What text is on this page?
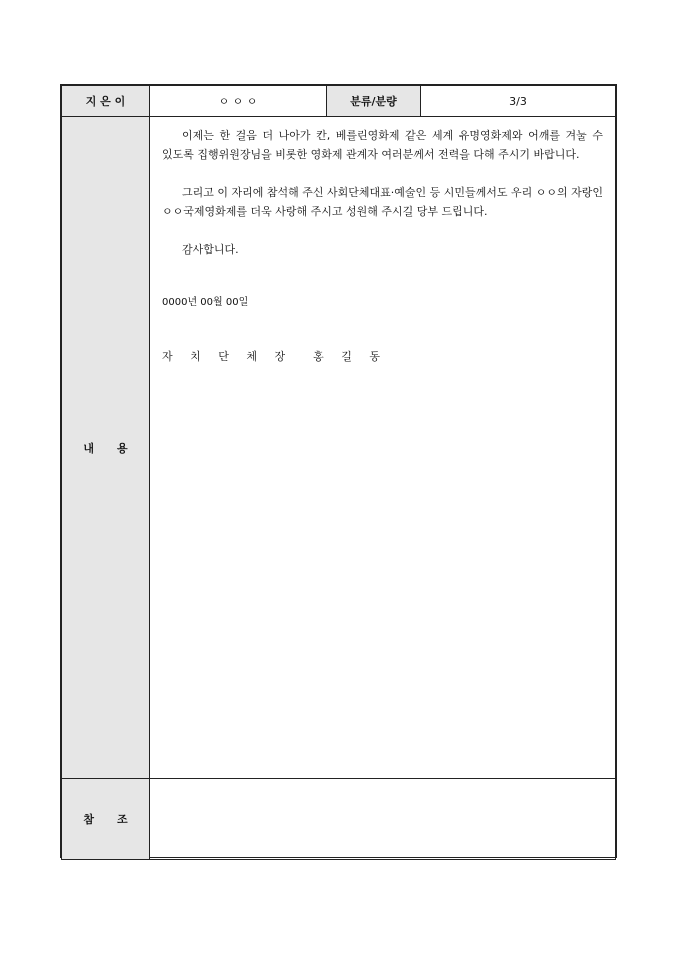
지 은 이	ㅇ ㅇ ㅇ	분류/분량	3/3
내      용	이제는 한 걸음 더 나아가 칸, 베를린영화제 같은 세계 유명영화제와 어깨를 겨눌 수 있도록 집행위원장님을 비롯한 영화제 관계자 여러분께서 전력을 다해 주시기 바랍니다.

그리고 이 자리에 참석해 주신 사회단체대표·예술인 등 시민들께서도 우리 ㅇㅇ의 자랑인 ㅇㅇ국제영화제를 더욱 사랑해 주시고 성원해 주시길 당부 드립니다.

감사합니다.

0000년 00월 00일

자 치 단 체 장  홍 길 동		

참      조			
